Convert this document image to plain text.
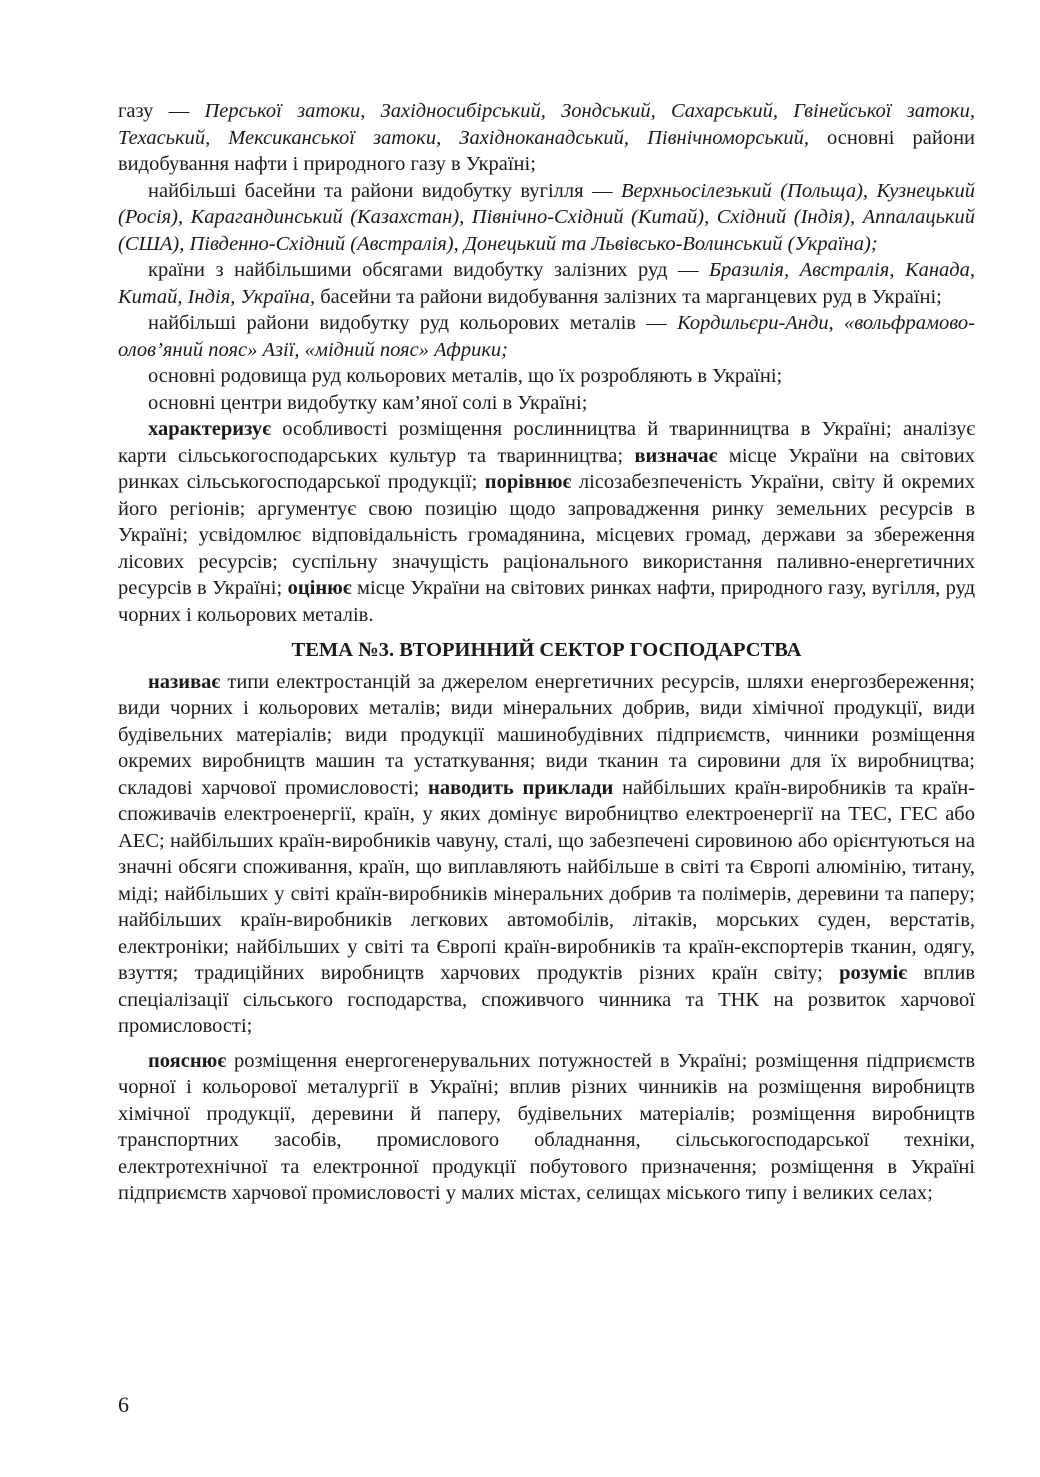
газу — Перської затоки, Західносибірський, Зондський, Сахарський, Гвінейської затоки, Техаський, Мексиканської затоки, Західноканадський, Північноморський, основні райони видобування нафти і природного газу в Україні;

найбільші басейни та райони видобутку вугілля — Верхньосілезький (Польща), Кузнецький (Росія), Карагандинський (Казахстан), Північно-Східний (Китай), Східний (Індія), Аппалацький (США), Південно-Східний (Австралія), Донецький та Львівсько-Волинський (Україна);

країни з найбільшими обсягами видобутку залізних руд — Бразилія, Австралія, Канада, Китай, Індія, Україна, басейни та райони видобування залізних та марганцевих руд в Україні;

найбільші райони видобутку руд кольорових металів — Кордильєри-Анди, «вольфрамово-олов’яний пояс» Азії, «мідний пояс» Африки;

основні родовища руд кольорових металів, що їх розробляють в Україні;

основні центри видобутку кам’яної солі в Україні;

характеризує особливості розміщення рослинництва й тваринництва в Україні; аналізує карти сільськогосподарських культур та тваринництва; визначає місце України на світових ринках сільськогосподарської продукції; порівнює лісозабезпеченість України, світу й окремих його регіонів; аргументує свою позицію щодо запровадження ринку земельних ресурсів в Україні; усвідомлює відповідальність громадянина, місцевих громад, держави за збереження лісових ресурсів; суспільну значущість раціонального використання паливно-енергетичних ресурсів в Україні; оцінює місце України на світових ринках нафти, природного газу, вугілля, руд чорних і кольорових металів.

ТЕМА №3. ВТОРИННИЙ СЕКТОР ГОСПОДАРСТВА

називає типи електростанцій за джерелом енергетичних ресурсів, шляхи енергозбереження; види чорних і кольорових металів; види мінеральних добрив, види хімічної продукції, види будівельних матеріалів; види продукції машинобудівних підприємств, чинники розміщення окремих виробництв машин та устаткування; види тканин та сировини для їх виробництва; складові харчової промисловості; наводить приклади найбільших країн-виробників та країн-споживачів електроенергії, країн, у яких домінує виробництво електроенергії на ТЕС, ГЕС або АЕС; найбільших країн-виробників чавуну, сталі, що забезпечені сировиною або орієнтуються на значні обсяги споживання, країн, що виплавляють найбільше в світі та Європі алюмінію, титану, міді; найбільших у світі країн-виробників мінеральних добрив та полімерів, деревини та паперу; найбільших країн-виробників легкових автомобілів, літаків, морських суден, верстатів, електроніки; найбільших у світі та Європі країн-виробників та країн-експортерів тканин, одягу, взуття; традиційних виробництв харчових продуктів різних країн світу; розуміє вплив спеціалізації сільського господарства, споживчого чинника та ТНК на розвиток харчової промисловості;

пояснює розміщення енергогенерувальних потужностей в Україні; розміщення підприємств чорної і кольорової металургії в Україні; вплив різних чинників на розміщення виробництв хімічної продукції, деревини й паперу, будівельних матеріалів; розміщення виробництв транспортних засобів, промислового обладнання, сільськогосподарської техніки, електротехнічної та електронної продукції побутового призначення; розміщення в Україні підприємств харчової промисловості у малих містах, селищах міського типу і великих селах;

6
